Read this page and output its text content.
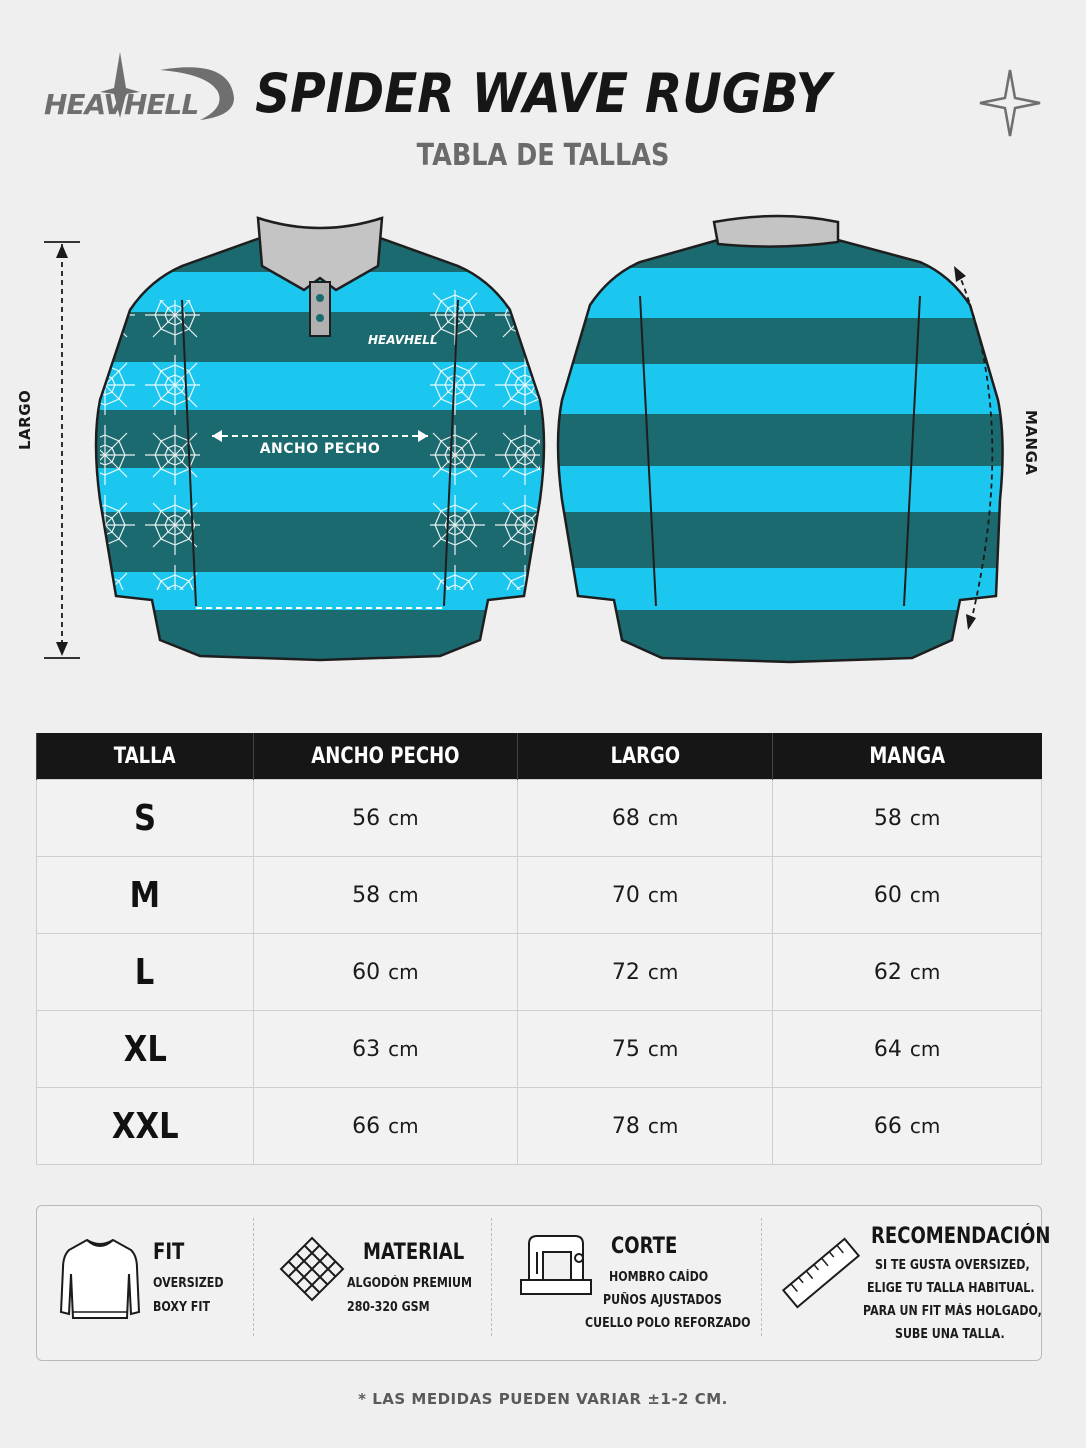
HEAVHELL	SPIDER WAVE RUGBY
TABLA DE TALLAS
HEAVHELL
LARGO	MANGA
ANCHO PECHO
TALLA	ANCHO PECHO	LARGO	MANGA
S	56 cm	68 cm	58 cm
M	58 cm	70 cm	60 cm
L	60 cm	72 cm	62 cm
XL	63 cm	75 cm	64 cm
XXL	66 cm	78 cm	66 cm
FIT
OVERSIZED
BOXY FIT
MATERIAL
ALGODÓN PREMIUM
280-320 GSM
CORTE
HOMBRO CAÍDO
PUÑOS AJUSTADOS
CUELLO POLO REFORZADO
RECOMENDACIÓN
SI TE GUSTA OVERSIZED,
ELIGE TU TALLA HABITUAL.
PARA UN FIT MÁS HOLGADO,
SUBE UNA TALLA.
* LAS MEDIDAS PUEDEN VARIAR ±1-2 CM.
